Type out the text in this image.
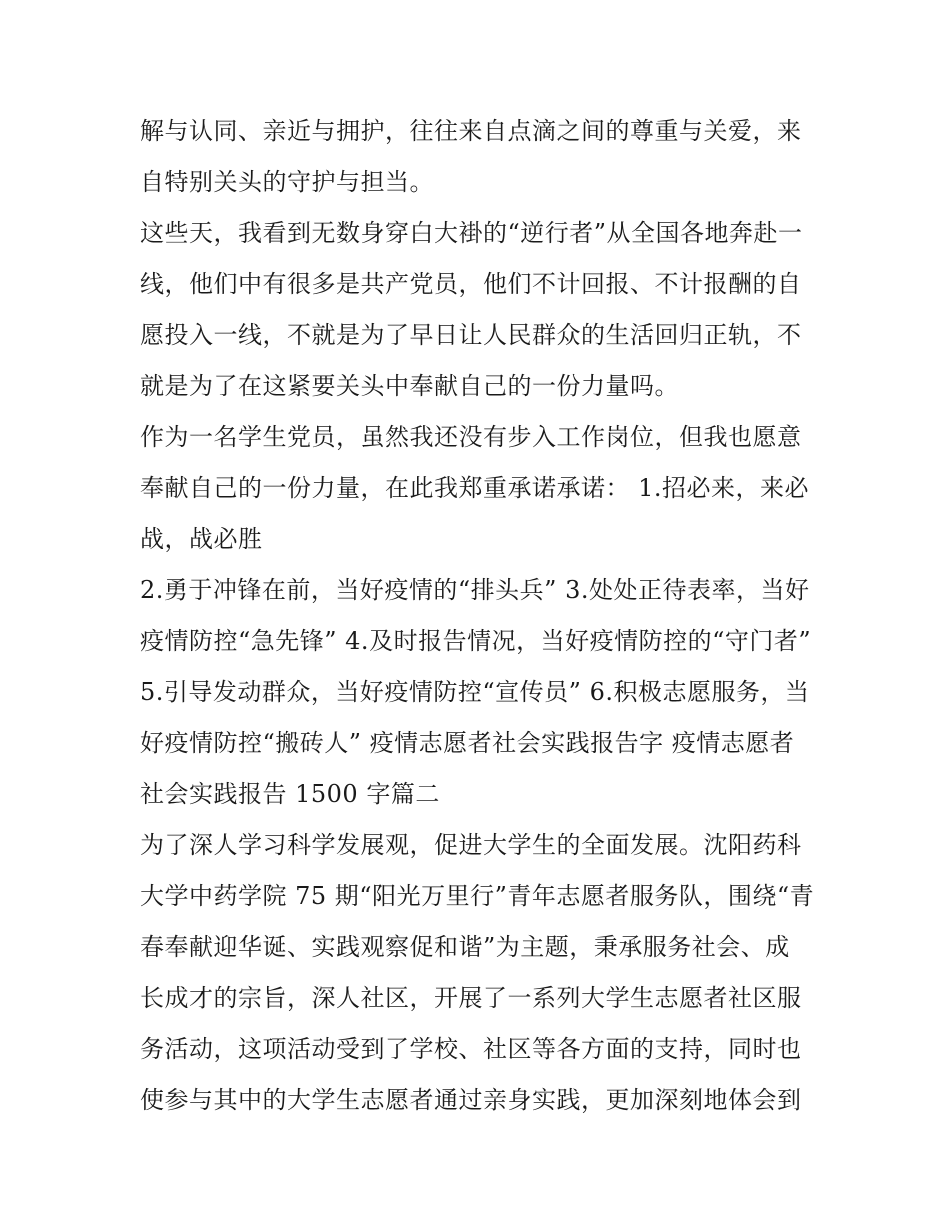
解与认同、亲近与拥护，往往来自点滴之间的尊重与关爱，来
自特别关头的守护与担当。
这些天，我看到无数身穿白大褂的“逆行者”从全国各地奔赴一
线，他们中有很多是共产党员，他们不计回报、不计报酬的自
愿投入一线，不就是为了早日让人民群众的生活回归正轨，不
就是为了在这紧要关头中奉献自己的一份力量吗。
作为一名学生党员，虽然我还没有步入工作岗位，但我也愿意
奉献自己的一份力量，在此我郑重承诺承诺： 1.招必来，来必
战，战必胜
2.勇于冲锋在前，当好疫情的“排头兵” 3.处处正待表率，当好
疫情防控“急先锋” 4.及时报告情况，当好疫情防控的“守门者”
5.引导发动群众，当好疫情防控“宣传员” 6.积极志愿服务，当
好疫情防控“搬砖人” 疫情志愿者社会实践报告字 疫情志愿者
社会实践报告 1500 字篇二
为了深人学习科学发展观，促进大学生的全面发展。沈阳药科
大学中药学院 75 期“阳光万里行”青年志愿者服务队，围绕“青
春奉献迎华诞、实践观察促和谐”为主题，秉承服务社会、成
长成才的宗旨，深人社区，开展了一系列大学生志愿者社区服
务活动，这项活动受到了学校、社区等各方面的支持，同时也
使参与其中的大学生志愿者通过亲身实践，更加深刻地体会到
